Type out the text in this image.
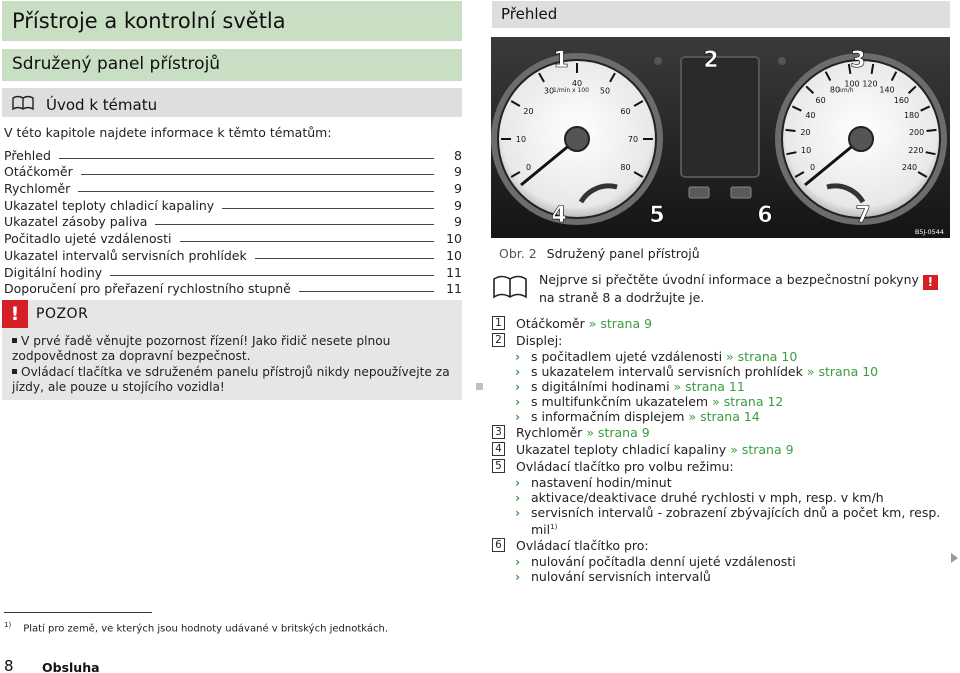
Přístroje a kontrolní světla
Sdružený panel přístrojů
Úvod k tématu
V této kapitole najdete informace k těmto tématům:
Přehled	8
Otáčkoměr	9
Rychloměr	9
Ukazatel teploty chladicí kapaliny	9
Ukazatel zásoby paliva	9
Počitadlo ujeté vzdálenosti	10
Ukazatel intervalů servisních prohlídek	10
Digitální hodiny	11
Doporučení pro přeřazení rychlostního stupně	11
!	POZOR
V prvé řadě věnujte pozornost řízení! Jako řidič nesete plnou zodpovědnost za dopravní bezpečnost.
Ovládací tlačítka ve sdruženém panelu přístrojů nikdy nepoužívejte za jízdy, ale pouze u stojícího vozidla!
Přehled
0
10
20
30
40
50
60
70
80
1/min x 100
0
10
20
40
60
80
100 120
140
160
180
200
220
240
km/h
1	2	3
4	5	6	7
B5J-0544
Obr. 2 Sdružený panel přístrojů
Nejprve si přečtěte úvodní informace a bezpečnostní pokyny ! na straně 8 a dodržujte je.
1 Otáčkoměr » strana 9
2 Displej:
› s počitadlem ujeté vzdálenosti » strana 10
› s ukazatelem intervalů servisních prohlídek » strana 10
› s digitálními hodinami » strana 11
› s multifunkčním ukazatelem » strana 12
› s informačním displejem » strana 14
3 Rychloměr » strana 9
4 Ukazatel teploty chladicí kapaliny » strana 9
5 Ovládací tlačítko pro volbu režimu:
› nastavení hodin/minut
› aktivace/deaktivace druhé rychlosti v mph, resp. v km/h
› servisních intervalů - zobrazení zbývajících dnů a počet km, resp. mil$^{1)}$
6 Ovládací tlačítko pro:
› nulování počítadla denní ujeté vzdálenosti
› nulování servisních intervalů
$^{1)}$ Platí pro země, ve kterých jsou hodnoty udávané v britských jednotkách.
8 Obsluha
